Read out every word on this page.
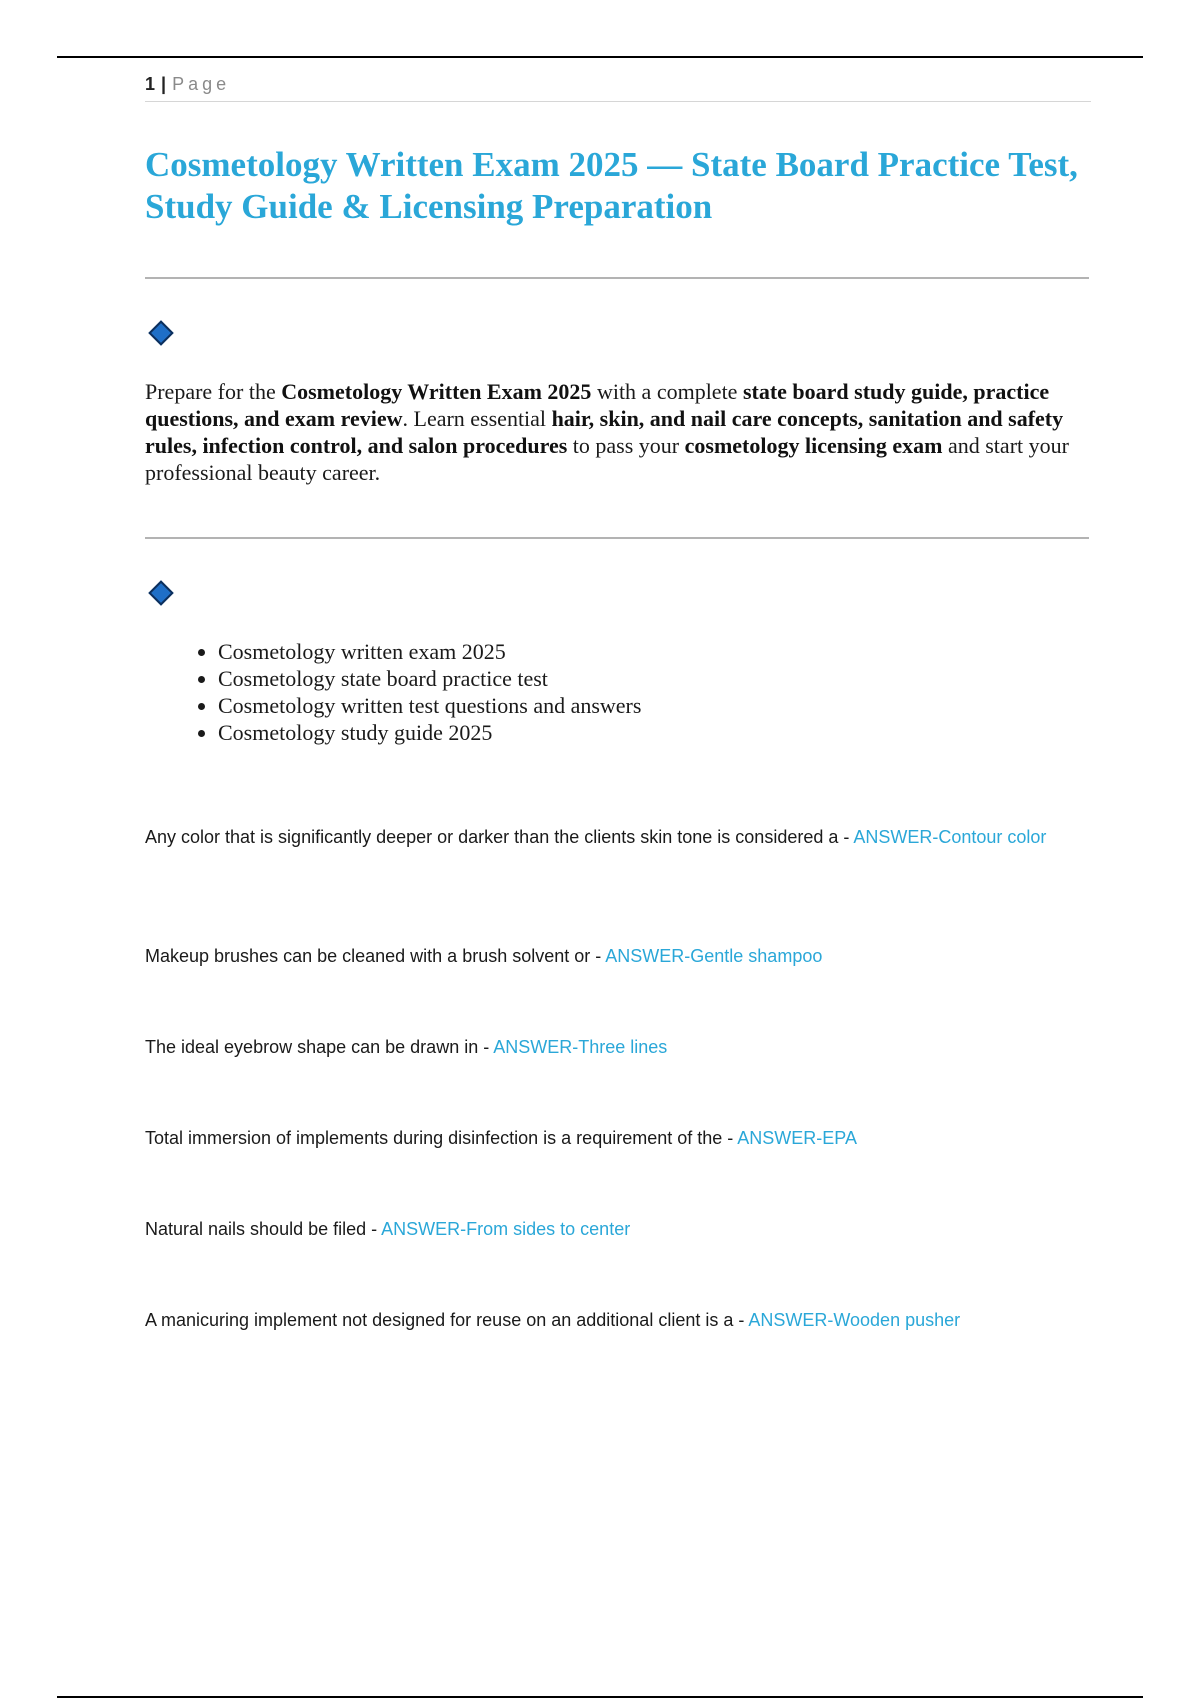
1 | Page
Cosmetology Written Exam 2025 — State Board Practice Test, Study Guide & Licensing Preparation

Prepare for the Cosmetology Written Exam 2025 with a complete state board study guide, practice questions, and exam review. Learn essential hair, skin, and nail care concepts, sanitation and safety rules, infection control, and salon procedures to pass your cosmetology licensing exam and start your professional beauty career.

• Cosmetology written exam 2025
• Cosmetology state board practice test
• Cosmetology written test questions and answers
• Cosmetology study guide 2025

Any color that is significantly deeper or darker than the clients skin tone is considered a - ANSWER-Contour color

Makeup brushes can be cleaned with a brush solvent or - ANSWER-Gentle shampoo

The ideal eyebrow shape can be drawn in - ANSWER-Three lines

Total immersion of implements during disinfection is a requirement of the - ANSWER-EPA

Natural nails should be filed - ANSWER-From sides to center

A manicuring implement not designed for reuse on an additional client is a - ANSWER-Wooden pusher
